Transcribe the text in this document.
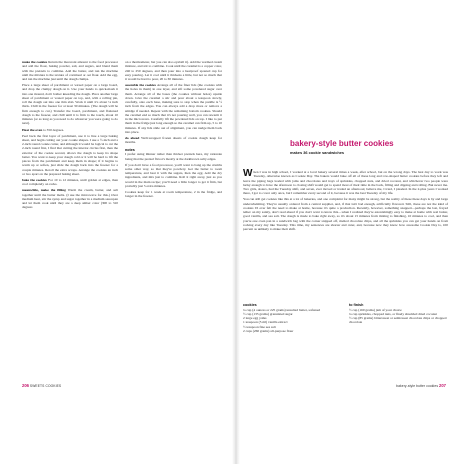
make the cookies Return the macaroni amount to the food processor and add the flour, baking powder, salt, and sugars, and blend them with the pretzels to combine. Add the butter, and run the machine until the mixture is the texture of cornmeal or oat flour. Add the egg, and run the machine just until the dough clumps.

Place a large sheet of parchment or waxed paper on a large board, and drop the clumpy dough on it. Use your hands to quick-mash it into one mound, don't bother kneading the dough. Place another large sheet of parchment or waxed paper on top, and, with a rolling pin, roll the dough out into one thin slab. Work it until it's about ⅛ inch thick. Chill in the freezer for at least 30 minutes. (The dough will be firm enough to cut.) Transfer the board, parchment, and flattened dough to the freezer, and chill until it is firm to the touch, about 10 minutes (or as long as you need to do whatever you were going to do next).

Heat the oven to 350 degrees.

Peel back the first layer of parchment, use it to line a large baking sheet, and begin cutting out your cookie shapes. I use a ½-inch and a 2-inch round cookie cutter, and although it would be logical to cut the 2-inch round first, I find that cutting the interior circles first, then the exterior of the cookie second, allows the dough to keep its shape better. You want to keep your dough cold or it will be hard to lift the pieces from the parchment and keep them in shape; if it begins to warm up or soften, just slide the dough back into the freezer for a couple minutes. Reroll the extra scraps. Arrange the cookies an inch or two apart on the prepared baking sheet.

bake the cookies For 10 to 12 minutes, until golden at edges, then cool completely on racks.

meanwhile, make the filling Warm the cream, butter, and salt together until the butter melts. (I use the microwave for this.) Over medium heat, stir the syrup and sugar together in a medium saucepan and let them cook until they are a deep amber color (300 to 310 degrees

on a thermometer, but you can also eyeball it). Add the warmed cream mixture, and stir to combine. Cook until the caramel is a copper color, 240 to 250 degrees, and then pour into a heatproof spouted cup for easy pouring. Let it cool until it thickens a little, but not so much that it would be hard to pour, 20 to 30 minutes.

assemble the cookies Arrange all of the finer lids (the cookies with the holes in them) in one layer, and sift some powdered sugar over them. Arrange all of the bases (the cookies without holes) upside down. Give the caramel a stir and pour about a teaspoon slowly, carefully, onto each base, making sure to stop when the puddle is ½ inch from the edges. You can always add a drop more or remove a smidge if needed. Repeat with the remaining bottom cookies. Should the caramel end so much that it's not pouring well, you can rewarm it in the microwave. Carefully lift the powdered lids on top. I like to put them in the fridge just long enough so the caramel can firm up, 5 to 10 minutes. If any lids slide out of alignment, you can nudge them back into place.

do ahead Well-wrapped frozen sheets of cookie dough keep for months.

notes

I prefer using thinner rather than thicker pretzels here, my rationale being that the pretzel flavor's mostly at the darkbrown salty edges.

If you don't have a food processor, you'll want to bang up the crumbs some other way, so that they're powdery. Get the butter to room temperature, and beat it with the sugars, then the egg. Add the dry ingredients, and mix just to combine. Roll it right away, just as you would in the main recipe; you'll need a little longer to get it firm, but probably just 5 extra minutes.

Cookies keep for 1 week at room temperature, 2 in the fridge, and longer in the freezer.

206 SWEETS COOKIES
bakery-style butter cookies
makes 36 cookie sandwiches

When I was in high school, I worked at a local bakery several times a week, after school, but on the wrong days. The best day to work was Tuesday, otherwise known as Cookie Day. The bakers would bake off all of these long and row-shaped butter cookies before they left and leave the piping bags loaded with jams and chocolates and trays of sprinkles, chopped nuts, and dried coconut, and whichever two people were lucky enough to have the afternoon to closing shift would get to spend most of their time in the back, filling and dipping and rolling. But never me. Two girls, sisters, had the Tuesday shift, and seven, ever moved or traded an afternoon; believe me, I tried, I pleaded. In the 2-plus years I worked there, I got to cover only once, but I remember every second of it, because it was the best Tuesday of my life.

You can still get cookies like this at a lot of bakeries, and one complaint for many might be strong, but the reality of these these days is by and large underwhelming. They're usually ordered from a central supplier, and, if that isn't bad enough, artificially flavored. Still, these are not the kind of cookies I'd ever felt the need to make at home, because it's quite a production. Recently, however, something snapped—perhaps the last, frayed tether on my sanity, don't read ahead if you don't want to know this—when I realized they're astonishingly easy to make at home with real butter, good vanilla, and sea salt. The dough is made to bake right away, so it's about 15 minutes from mixing to finishing, 10 minutes to cool, and then you're one oven pan in a sandwich bag with the corner snipped off, melted chocolate chips, and all the sprinkles you can get your hands on from rocking every day like Tuesday. This time, my sentences are shorter and cuter, and, because now they know how awesome Cookie Day is, 100 percent as unlikely to make their shift.

cookies
¼ cup (4 ounces or 225 grams) unsalted butter, softened
½ cup (135 grams) granulated sugar
2 large egg yolks
1 teaspoon (5 ml) vanilla extract
½ teaspoon fine sea salt
2 cups (260 grams) all-purpose flour
to finish
½ cup (160 grams) jam of your choice
¼ cup sprinkles, chopped nuts, or finely shredded dried coconut
½ cup (85 grams) bittersweet or semisweet chocolate chips or chopped chocolate
bakery-style butter cookies 207
